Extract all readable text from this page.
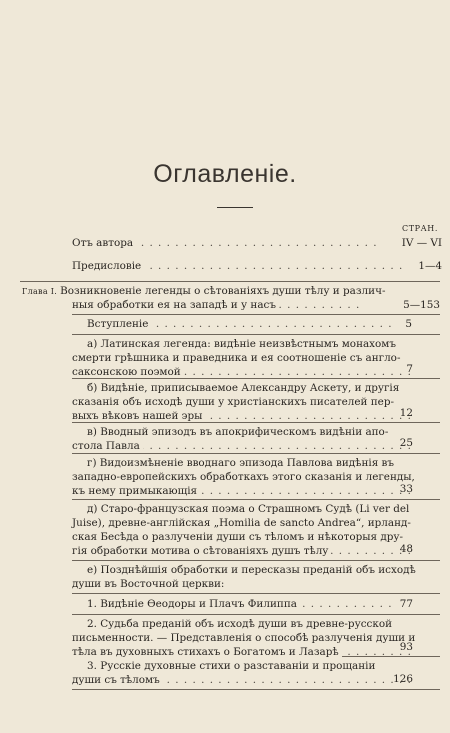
Оглавленіе.
СТРАН.
Отъ автора . . .	IV — VI
Предисловіе . . .	1—4
Глава I. Возникновеніе легенды о сѣтованіяхъ души тѣлу и различ-
ныя обработки ея на западѣ и у насъ . . .	5—153
Вступленіе . . .	5
а) Латинская легенда: видѣніе неизвѣстнымъ монахомъ
смерти грѣшника и праведника и ея соотношеніе съ англо-
саксонскою поэмой . . .	7
б) Видѣніе, приписываемое Александру Аскету, и другія
сказанія объ исходѣ души у христіанскихъ писателей пер-
выхъ вѣковъ нашей эры . . .	12
в) Вводный эпизодъ въ апокрифическомъ видѣніи апо-
стола Павла . . .	25
г) Видоизмѣненіе вводнаго эпизода Павлова видѣнія въ
западно-европейскихъ обработкахъ этого сказанія и легенды,
къ нему примыкающія . . .	33
д) Старо-французская поэма о Страшномъ Судѣ (Li ver del
Juise), древне-англійская „Homilia de sancto Andrea“, ирланд-
ская Бесѣда о разлученіи души съ тѣломъ и нѣкоторыя дру-
гія обработки мотива о сѣтованіяхъ душъ тѣлу . . .	48
е) Позднѣйшія обработки и пересказы преданій объ исходѣ
души въ Восточной церкви:
1. Видѣніе Ѳеодоры и Плачъ Филиппа . . .	77
2. Судьба преданій объ исходѣ души въ древне-русской
письменности. — Представленія о способѣ разлученія души и
тѣла въ духовныхъ стихахъ о Богатомъ и Лазарѣ . . .	93
3. Русскіе духовные стихи о разставаніи и прощаніи
души съ тѣломъ . . .	126
